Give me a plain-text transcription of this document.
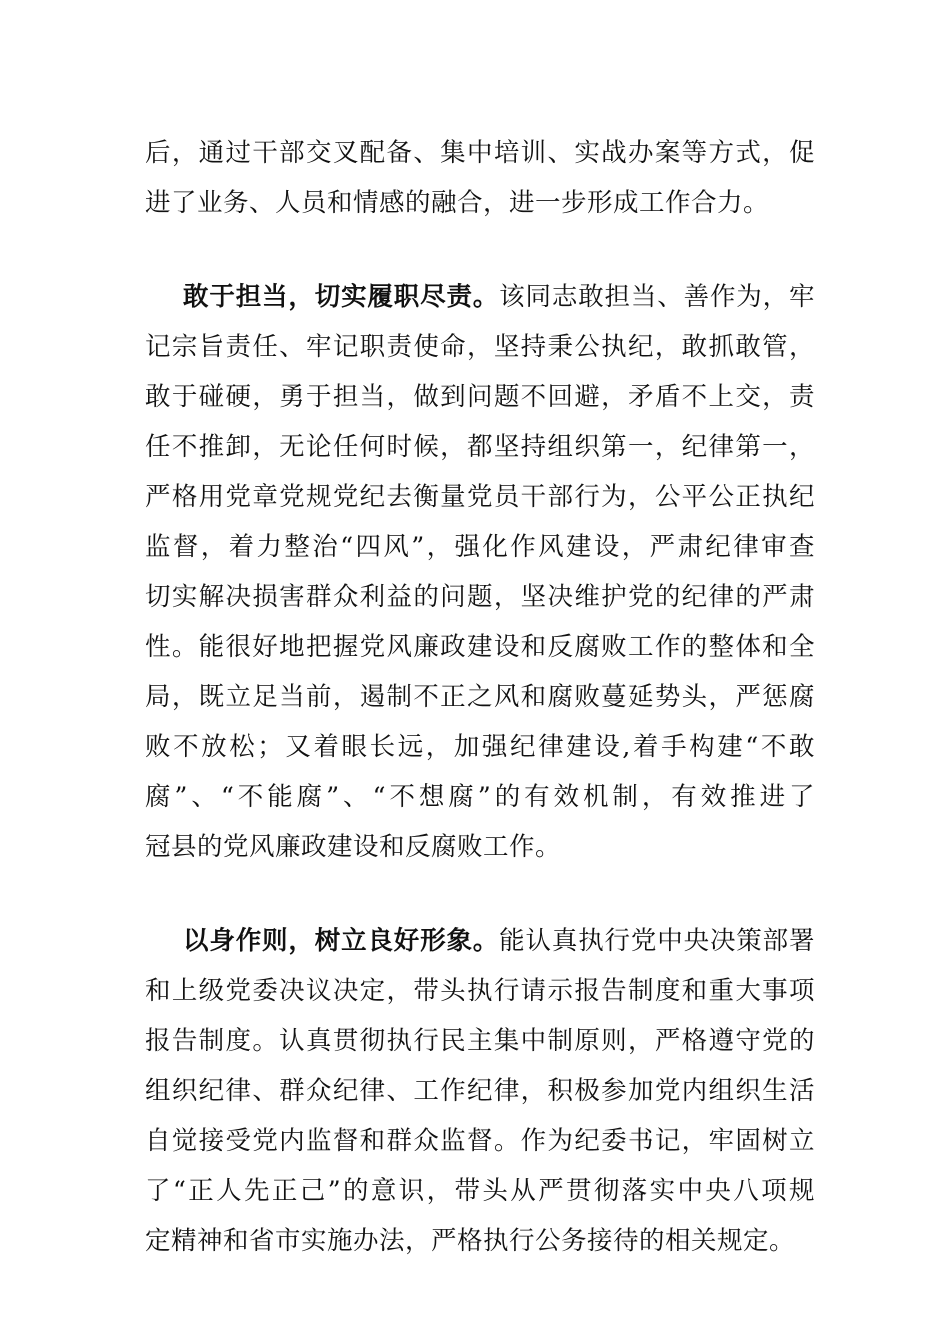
后，通过干部交叉配备、集中培训、实战办案等方式，促
进了业务、人员和情感的融合，进一步形成工作合力。
敢于担当，切实履职尽责。该同志敢担当、善作为，牢
记宗旨责任、牢记职责使命，坚持秉公执纪，敢抓敢管，
敢于碰硬，勇于担当，做到问题不回避，矛盾不上交，责
任不推卸，无论任何时候，都坚持组织第一，纪律第一，
严格用党章党规党纪去衡量党员干部行为，公平公正执纪
监督，着力整治“四风”，强化作风建设，严肃纪律审查
切实解决损害群众利益的问题，坚决维护党的纪律的严肃
性。能很好地把握党风廉政建设和反腐败工作的整体和全
局，既立足当前，遏制不正之风和腐败蔓延势头，严惩腐
败不放松；又着眼长远，加强纪律建设,着手构建“不敢
腐”、“不能腐”、“不想腐”的有效机制，有效推进了
冠县的党风廉政建设和反腐败工作。
以身作则，树立良好形象。能认真执行党中央决策部署
和上级党委决议决定，带头执行请示报告制度和重大事项
报告制度。认真贯彻执行民主集中制原则，严格遵守党的
组织纪律、群众纪律、工作纪律，积极参加党内组织生活
自觉接受党内监督和群众监督。作为纪委书记，牢固树立
了“正人先正己”的意识，带头从严贯彻落实中央八项规
定精神和省市实施办法，严格执行公务接待的相关规定。
